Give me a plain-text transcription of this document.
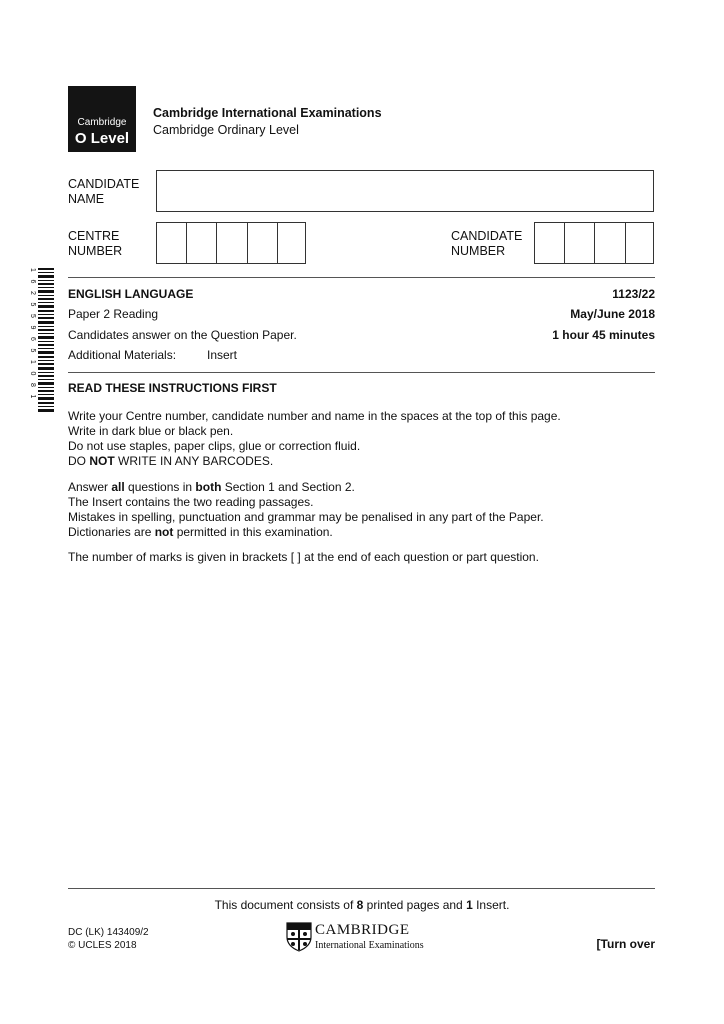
Cambridge
O Level
Cambridge International Examinations
Cambridge Ordinary Level
CANDIDATE
NAME
CENTRE
NUMBER
CANDIDATE
NUMBER
1
6
2
5
5
9
6
5
1
0
8
1
ENGLISH LANGUAGE	1123/22
Paper 2 Reading	May/June 2018
Candidates answer on the Question Paper.	1 hour 45 minutes
Additional Materials:	Insert
READ THESE INSTRUCTIONS FIRST
Write your Centre number, candidate number and name in the spaces at the top of this page.
Write in dark blue or black pen.
Do not use staples, paper clips, glue or correction fluid.
DO NOT WRITE IN ANY BARCODES.
Answer all questions in both Section 1 and Section 2.
The Insert contains the two reading passages.
Mistakes in spelling, punctuation and grammar may be penalised in any part of the Paper.
Dictionaries are not permitted in this examination.
The number of marks is given in brackets [ ] at the end of each question or part question.
This document consists of 8 printed pages and 1 Insert.
DC (LK) 143409/2
© UCLES 2018
CAMBRIDGE
International Examinations	[Turn over
